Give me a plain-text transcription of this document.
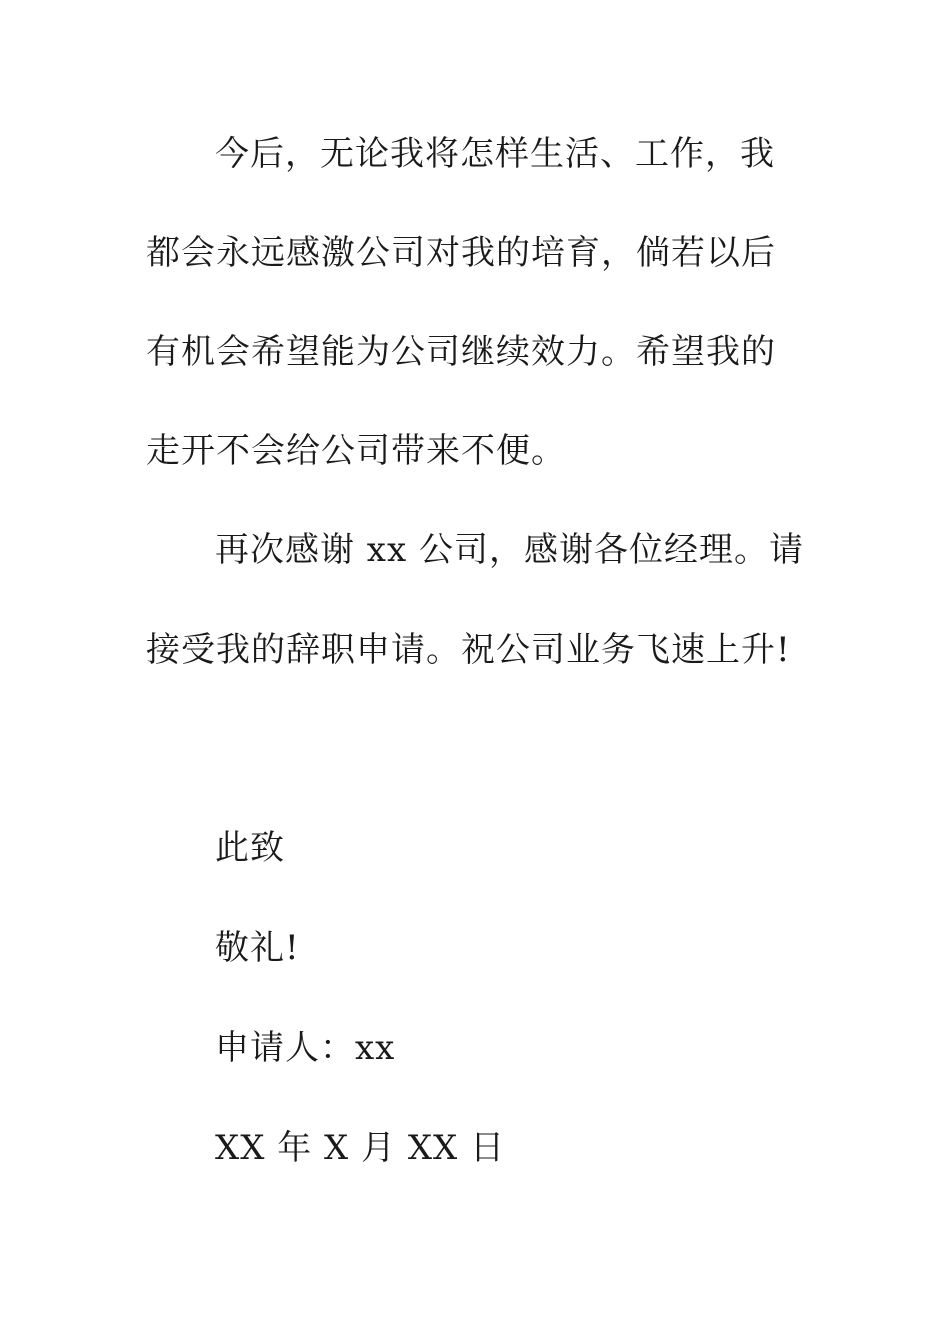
今后，无论我将怎样生活、工作，我
都会永远感激公司对我的培育，倘若以后
有机会希望能为公司继续效力。希望我的
走开不会给公司带来不便。
再次感谢 xx 公司，感谢各位经理。请
接受我的辞职申请。祝公司业务飞速上升!
此致
敬礼!
申请人：xx
XX 年 X 月 XX 日
